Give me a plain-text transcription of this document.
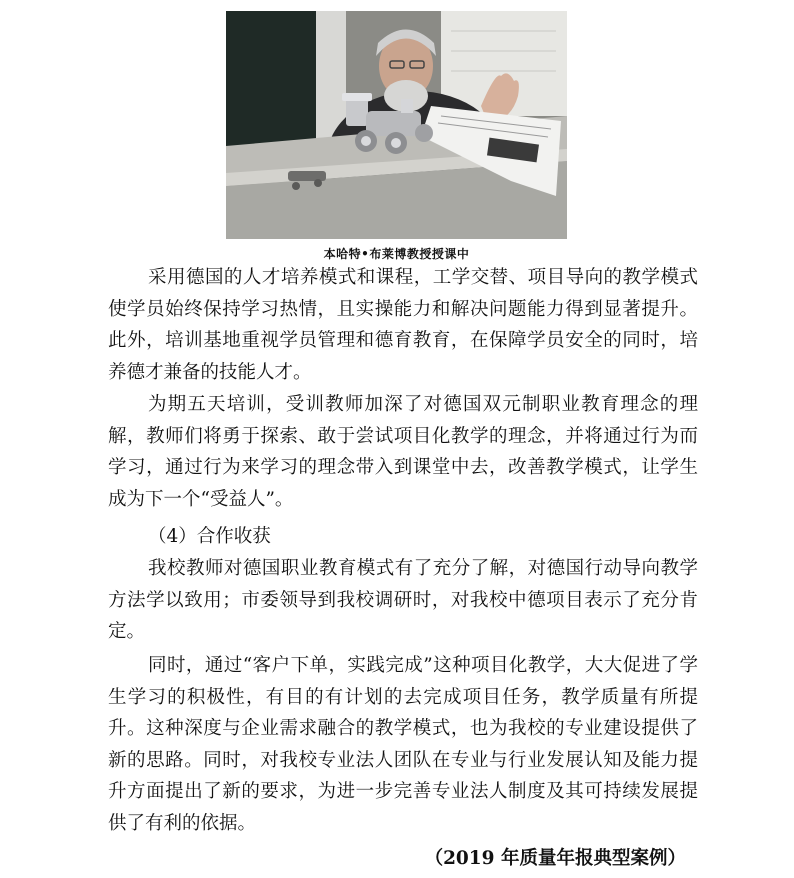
本哈特•布莱博教授授课中

采用德国的人才培养模式和课程，工学交替、项目导向的教学模式使学员始终保持学习热情，且实操能力和解决问题能力得到显著提升。此外，培训基地重视学员管理和德育教育，在保障学员安全的同时，培养德才兼备的技能人才。

为期五天培训，受训教师加深了对德国双元制职业教育理念的理解，教师们将勇于探索、敢于尝试项目化教学的理念，并将通过行为而学习，通过行为来学习的理念带入到课堂中去，改善教学模式，让学生成为下一个“受益人”。

（4）合作收获

我校教师对德国职业教育模式有了充分了解，对德国行动导向教学方法学以致用；市委领导到我校调研时，对我校中德项目表示了充分肯定。

同时，通过“客户下单，实践完成”这种项目化教学，大大促进了学生学习的积极性，有目的有计划的去完成项目任务，教学质量有所提升。这种深度与企业需求融合的教学模式，也为我校的专业建设提供了新的思路。同时，对我校专业法人团队在专业与行业发展认知及能力提升方面提出了新的要求，为进一步完善专业法人制度及其可持续发展提供了有利的依据。

（2019 年质量年报典型案例）
